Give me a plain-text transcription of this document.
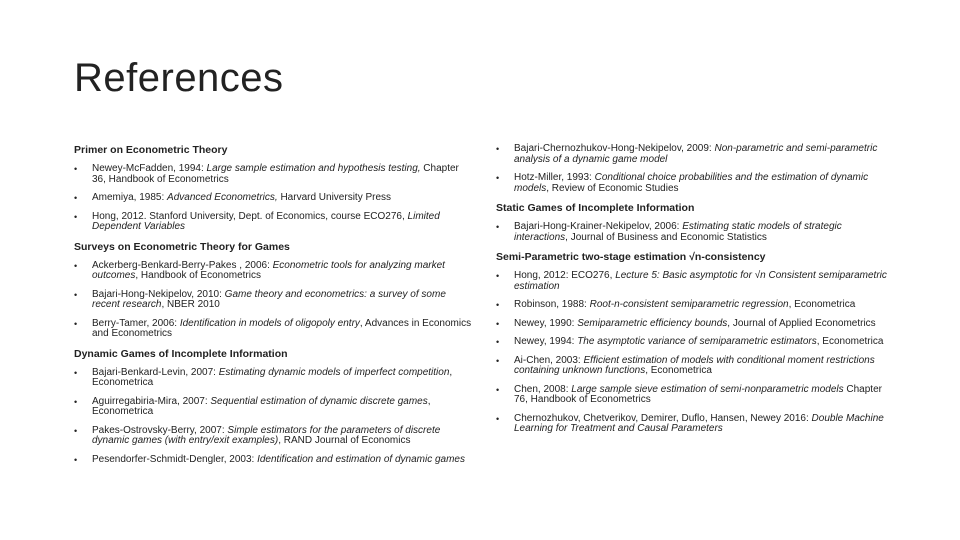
References
Primer on Econometric Theory
•	Newey-McFadden, 1994: Large sample estimation and hypothesis testing, Chapter 36, Handbook of Econometrics
•	Amemiya, 1985: Advanced Econometrics, Harvard University Press
•	Hong, 2012. Stanford University, Dept. of Economics, course ECO276, Limited Dependent Variables
Surveys on Econometric Theory for Games
•	Ackerberg-Benkard-Berry-Pakes , 2006: Econometric tools for analyzing market outcomes, Handbook of Econometrics
•	Bajari-Hong-Nekipelov, 2010: Game theory and econometrics: a survey of some recent research, NBER 2010
•	Berry-Tamer, 2006: Identification in models of oligopoly entry, Advances in Economics and Econometrics
Dynamic Games of Incomplete Information
•	Bajari-Benkard-Levin, 2007: Estimating dynamic models of imperfect competition, Econometrica
•	Aguirregabiria-Mira, 2007: Sequential estimation of dynamic discrete games, Econometrica
•	Pakes-Ostrovsky-Berry, 2007: Simple estimators for the parameters of discrete dynamic games (with entry/exit examples), RAND Journal of Economics
•	Pesendorfer-Schmidt-Dengler, 2003: Identification and estimation of dynamic games
•	Bajari-Chernozhukov-Hong-Nekipelov, 2009: Non-parametric and semi-parametric analysis of a dynamic game model
•	Hotz-Miller, 1993: Conditional choice probabilities and the estimation of dynamic models, Review of Economic Studies
Static Games of Incomplete Information
•	Bajari-Hong-Krainer-Nekipelov, 2006: Estimating static models of strategic interactions, Journal of Business and Economic Statistics
Semi-Parametric two-stage estimation √n-consistency
•	Hong, 2012: ECO276, Lecture 5: Basic asymptotic for √n Consistent semiparametric estimation
•	Robinson, 1988: Root-n-consistent semiparametric regression, Econometrica
•	Newey, 1990: Semiparametric efficiency bounds, Journal of Applied Econometrics
•	Newey, 1994: The asymptotic variance of semiparametric estimators, Econometrica
•	Ai-Chen, 2003: Efficient estimation of models with conditional moment restrictions containing unknown functions, Econometrica
•	Chen, 2008: Large sample sieve estimation of semi-nonparametric models Chapter 76, Handbook of Econometrics
•	Chernozhukov, Chetverikov, Demirer, Duflo, Hansen, Newey 2016: Double Machine Learning for Treatment and Causal Parameters
